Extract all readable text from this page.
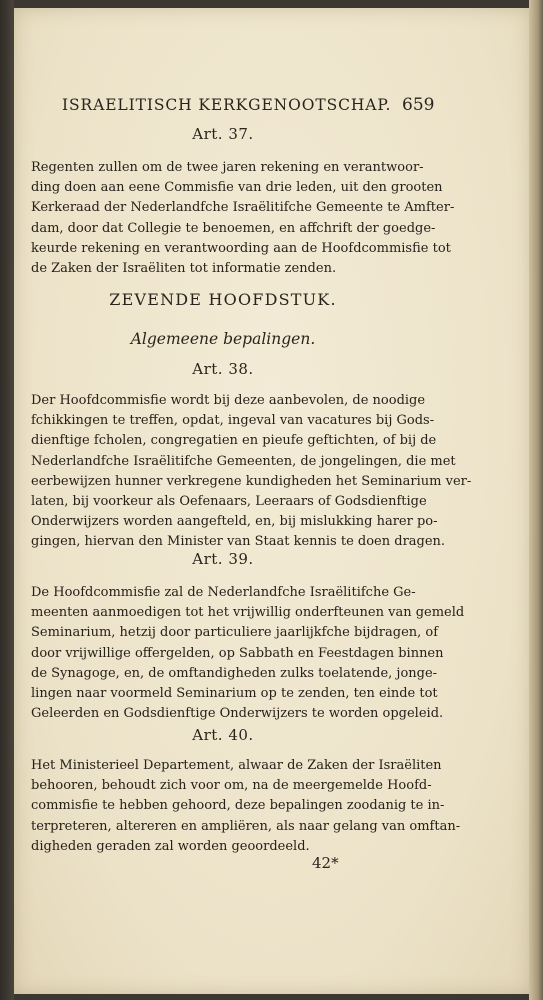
ISRAELITISCH KERKGENOOTSCHAP. 659
Art. 37.
Regenten zullen om de twee jaren rekening en verantwoor-
ding doen aan eene Commisfie van drie leden, uit den grooten
Kerkeraad der Nederlandfche Israëlitifche Gemeente te Amfter-
dam, door dat Collegie te benoemen, en affchrift der goedge-
keurde rekening en verantwoording aan de Hoofdcommisfie tot
de Zaken der Israëliten tot informatie zenden.
ZEVENDE HOOFDSTUK.
Algemeene bepalingen.
Art. 38.
Der Hoofdcommisfie wordt bij deze aanbevolen, de noodige
fchikkingen te treffen, opdat, ingeval van vacatures bij Gods-
dienftige fcholen, congregatien en pieufe geftichten, of bij de
Nederlandfche Israëlitifche Gemeenten, de jongelingen, die met
eerbewijzen hunner verkregene kundigheden het Seminarium ver-
laten, bij voorkeur als Oefenaars, Leeraars of Godsdienftige
Onderwijzers worden aangefteld, en, bij mislukking harer po-
gingen, hiervan den Minister van Staat kennis te doen dragen.
Art. 39.
De Hoofdcommisfie zal de Nederlandfche Israëlitifche Ge-
meenten aanmoedigen tot het vrijwillig onderfteunen van gemeld
Seminarium, hetzij door particuliere jaarlijkfche bijdragen, of
door vrijwillige offergelden, op Sabbath en Feestdagen binnen
de Synagoge, en, de omftandigheden zulks toelatende, jonge-
lingen naar voormeld Seminarium op te zenden, ten einde tot
Geleerden en Godsdienftige Onderwijzers te worden opgeleid.
Art. 40.
Het Ministerieel Departement, alwaar de Zaken der Israëliten
behooren, behoudt zich voor om, na de meergemelde Hoofd-
commisfie te hebben gehoord, deze bepalingen zoodanig te in-
terpreteren, altereren en ampliëren, als naar gelang van omftan-
digheden geraden zal worden geoordeeld.
42*
